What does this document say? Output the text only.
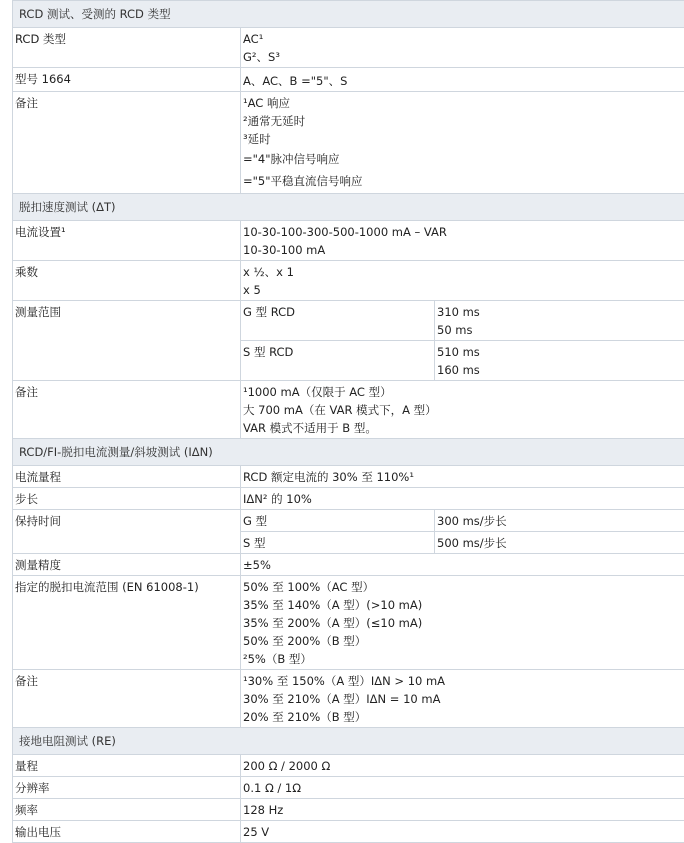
RCD 测试、受测的 RCD 类型		
RCD 类型	AC¹
G²、S³	

型号 1664	A、AC、B ="5"、S	

备注	¹AC 响应
²通常无延时
³延时
="4"脉冲信号响应
="5"平稳直流信号响应	

脱扣速度测试 (ΔT)		
电流设置¹	10-30-100-300-500-1000 mA – VAR
10-30-100 mA	

乘数	x ½、x 1
x 5	

测量范围	G 型 RCD	310 ms
50 ms

	S 型 RCD	510 ms
160 ms

备注	¹1000 mA（仅限于 AC 型）
大 700 mA（在 VAR 模式下，A 型）
VAR 模式不适用于 B 型。	

RCD/FI-脱扣电流测量/斜坡测试 (IΔN)		
电流量程	RCD 额定电流的 30% 至 110%¹	
步长	IΔN² 的 10%	
保持时间	G 型	300 ms/步长
	S 型	500 ms/步长
测量精度	±5%	
指定的脱扣电流范围 (EN 61008-1)	50% 至 100%（AC 型）
35% 至 140%（A 型）(>10 mA)
35% 至 200%（A 型）(≤10 mA)
50% 至 200%（B 型）
²5%（B 型）	

备注	¹30% 至 150%（A 型）IΔN > 10 mA
30% 至 210%（A 型）IΔN = 10 mA
20% 至 210%（B 型）	

接地电阻测试 (RE)		
量程	200 Ω / 2000 Ω	
分辨率	0.1 Ω / 1Ω	
频率	128 Hz	
输出电压	25 V	
